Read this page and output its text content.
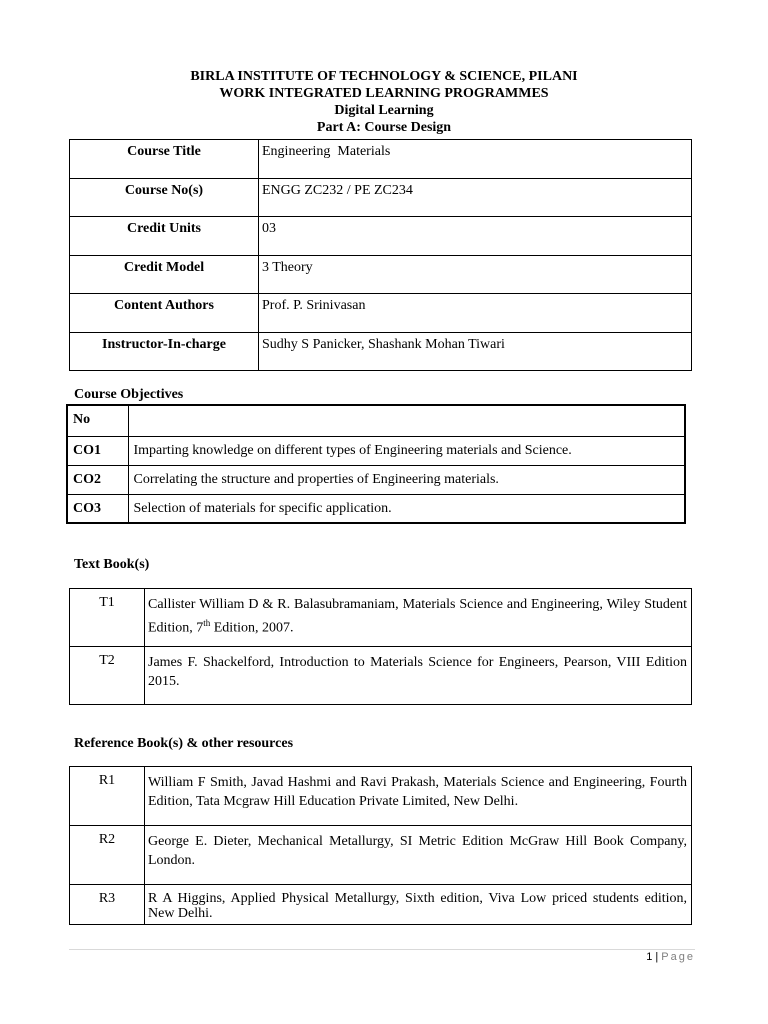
BIRLA INSTITUTE OF TECHNOLOGY & SCIENCE, PILANI
WORK INTEGRATED LEARNING PROGRAMMES
Digital Learning
Part A: Course Design
Course Title	Engineering  Materials
Course No(s)	ENGG ZC232 / PE ZC234
Credit Units	03
Credit Model	3 Theory
Content Authors	Prof. P. Srinivasan
Instructor-In-charge	Sudhy S Panicker, Shashank Mohan Tiwari
Course Objectives
No	
CO1	Imparting knowledge on different types of Engineering materials and Science.
CO2	Correlating the structure and properties of Engineering materials.
CO3	Selection of materials for specific application.
Text Book(s)
T1	Callister William D & R. Balasubramaniam, Materials Science and Engineering, Wiley Student Edition, 7th Edition, 2007.
T2	James F. Shackelford, Introduction to Materials Science for Engineers, Pearson, VIII Edition 2015.
Reference Book(s) & other resources
R1	William F Smith, Javad Hashmi and Ravi Prakash, Materials Science and Engineering, Fourth Edition, Tata Mcgraw Hill Education Private Limited, New Delhi.
R2	George E. Dieter, Mechanical Metallurgy, SI Metric Edition McGraw Hill Book Company, London.
R3	R A Higgins, Applied Physical Metallurgy, Sixth edition, Viva Low priced students edition, New Delhi.
1 | Page
